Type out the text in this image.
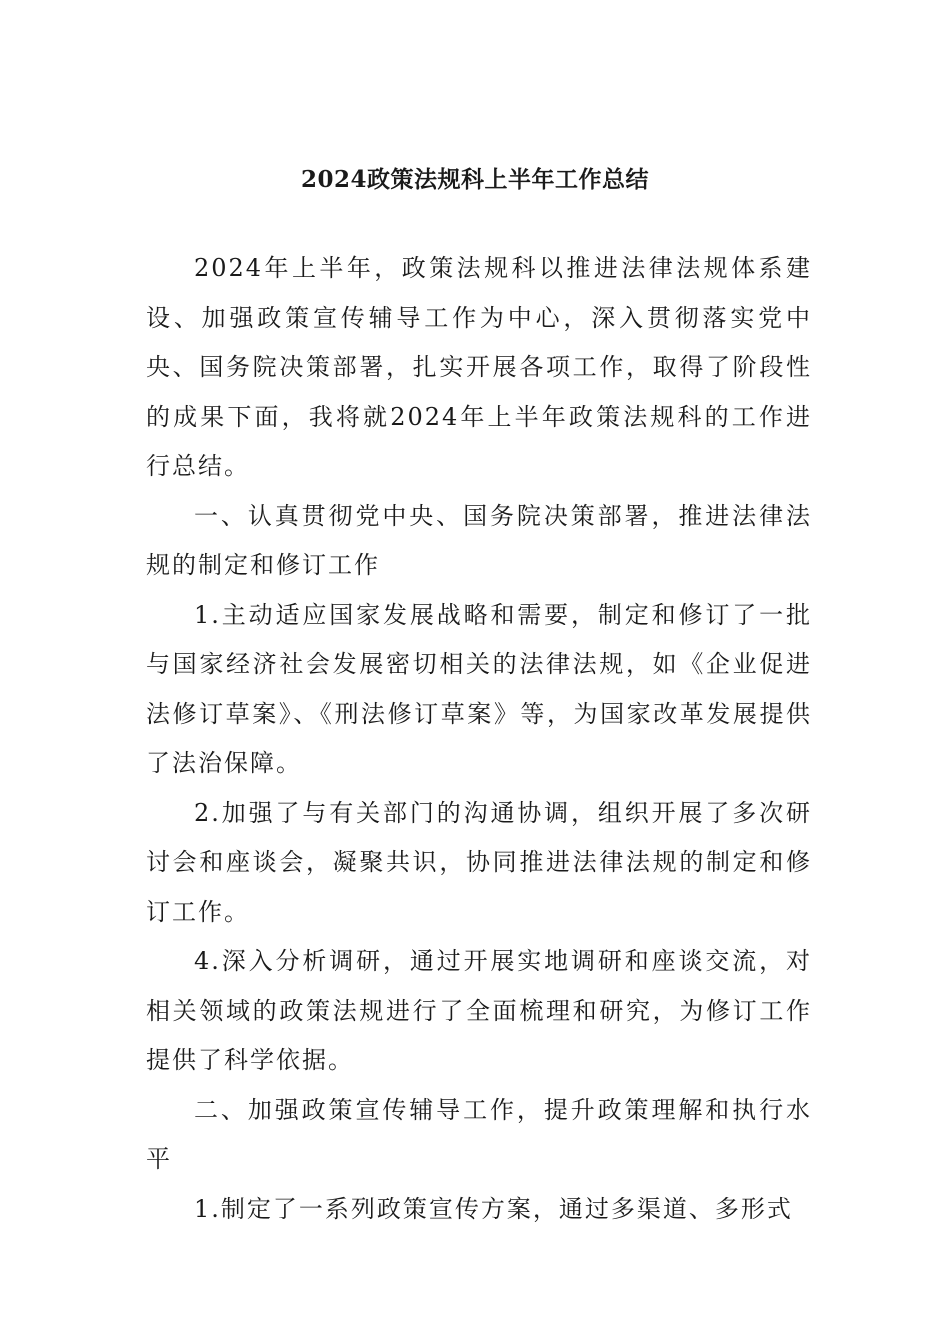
2024政策法规科上半年工作总结

2024年上半年，政策法规科以推进法律法规体系建设、加强政策宣传辅导工作为中心，深入贯彻落实党中央、国务院决策部署，扎实开展各项工作，取得了阶段性的成果下面，我将就2024年上半年政策法规科的工作进行总结。

一、认真贯彻党中央、国务院决策部署，推进法律法规的制定和修订工作

1.主动适应国家发展战略和需要，制定和修订了一批与国家经济社会发展密切相关的法律法规，如《企业促进法修订草案》、《刑法修订草案》等，为国家改革发展提供了法治保障。

2.加强了与有关部门的沟通协调，组织开展了多次研讨会和座谈会，凝聚共识，协同推进法律法规的制定和修订工作。

4.深入分析调研，通过开展实地调研和座谈交流，对相关领域的政策法规进行了全面梳理和研究，为修订工作提供了科学依据。

二、加强政策宣传辅导工作，提升政策理解和执行水平

1.制定了一系列政策宣传方案，通过多渠道、多形式
